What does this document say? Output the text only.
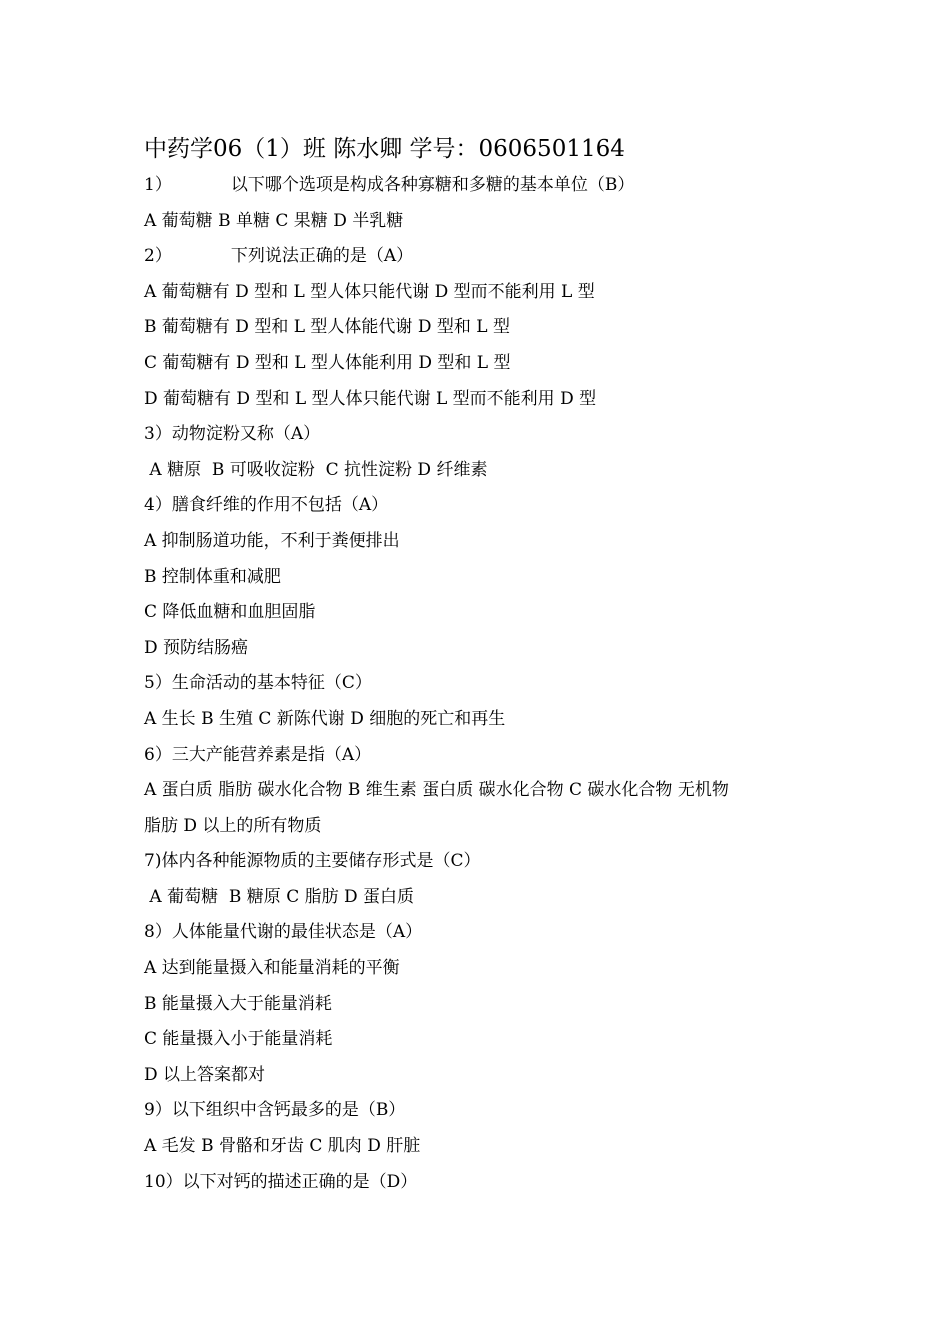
中药学06（1）班 陈水卿 学号：0606501164
1）	以下哪个选项是构成各种寡糖和多糖的基本单位（B）
A 葡萄糖 B 单糖 C 果糖 D 半乳糖
2）	下列说法正确的是（A）
A 葡萄糖有 D 型和 L 型人体只能代谢 D 型而不能利用 L 型
B 葡萄糖有 D 型和 L 型人体能代谢 D 型和 L 型
C 葡萄糖有 D 型和 L 型人体能利用 D 型和 L 型
D 葡萄糖有 D 型和 L 型人体只能代谢 L 型而不能利用 D 型
3）动物淀粉又称（A）
A 糖原  B 可吸收淀粉  C 抗性淀粉 D 纤维素
4）膳食纤维的作用不包括（A）
A 抑制肠道功能，不利于粪便排出
B 控制体重和减肥
C 降低血糖和血胆固脂
D 预防结肠癌
5）生命活动的基本特征（C）
A 生长 B 生殖 C 新陈代谢 D 细胞的死亡和再生
6）三大产能营养素是指（A）
A 蛋白质 脂肪 碳水化合物 B 维生素 蛋白质 碳水化合物 C 碳水化合物 无机物
脂肪 D 以上的所有物质
7)体内各种能源物质的主要储存形式是（C）
A 葡萄糖  B 糖原 C 脂肪 D 蛋白质
8）人体能量代谢的最佳状态是（A）
A 达到能量摄入和能量消耗的平衡
B 能量摄入大于能量消耗
C 能量摄入小于能量消耗
D 以上答案都对
9）以下组织中含钙最多的是（B）
A 毛发 B 骨骼和牙齿 C 肌肉 D 肝脏
10）以下对钙的描述正确的是（D）
